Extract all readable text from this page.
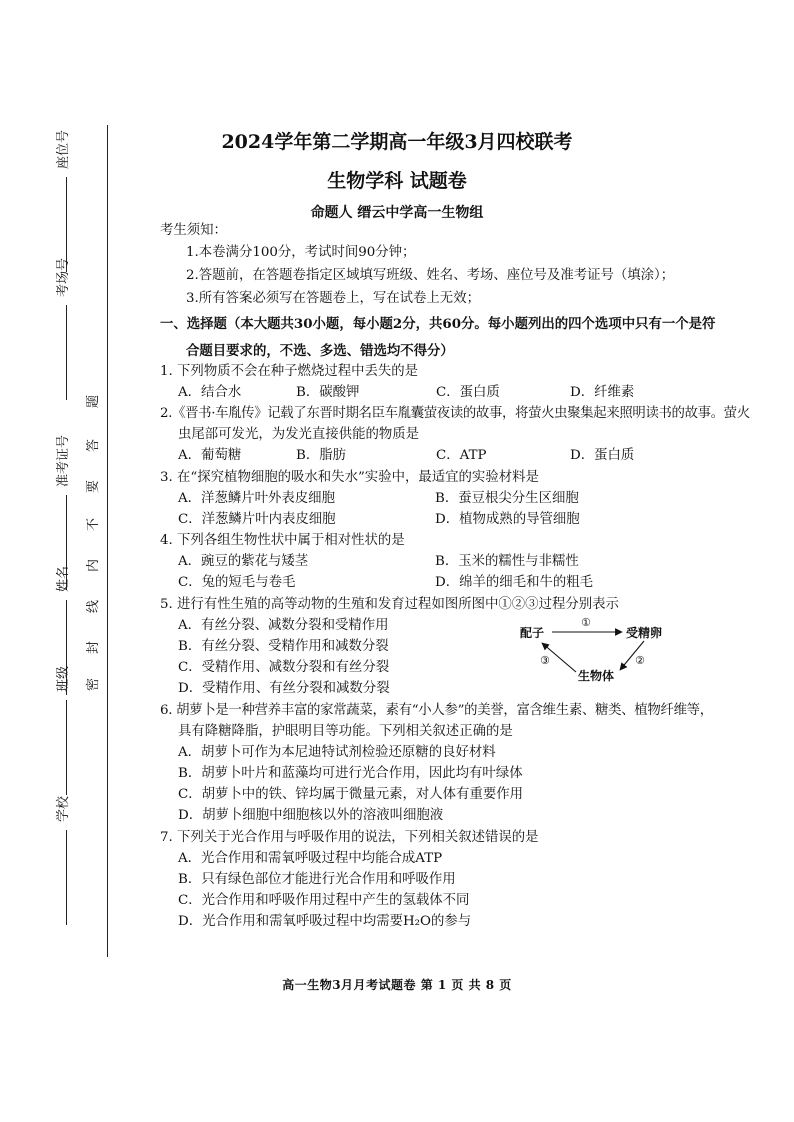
座位号
考场号
准考证号
姓名
班级
学校
题
答
要
不
内
线
封
密
2024学年第二学期高一年级3月四校联考
生物学科 试题卷
命题人 缙云中学高一生物组
考生须知：
1.本卷满分100分，考试时间90分钟；
2.答题前，在答题卷指定区域填写班级、姓名、考场、座位号及准考证号（填涂）；
3.所有答案必须写在答题卷上，写在试卷上无效；
一、选择题（本大题共30小题，每小题2分，共60分。每小题列出的四个选项中只有一个是符
合题目要求的，不选、多选、错选均不得分）
1. 下列物质不会在种子燃烧过程中丢失的是
A．结合水	B．碳酸钾	C．蛋白质	D．纤维素
2.《晋书·车胤传》记载了东晋时期名臣车胤囊萤夜读的故事，将萤火虫聚集起来照明读书的故事。萤火
虫尾部可发光，为发光直接供能的物质是
A．葡萄糖	B．脂肪	C．ATP	D．蛋白质
3. 在“探究植物细胞的吸水和失水”实验中，最适宜的实验材料是
A．洋葱鳞片叶外表皮细胞	B．蚕豆根尖分生区细胞
C．洋葱鳞片叶内表皮细胞	D．植物成熟的导管细胞
4. 下列各组生物性状中属于相对性状的是
A．豌豆的紫花与矮茎	B．玉米的糯性与非糯性
C．兔的短毛与卷毛	D．绵羊的细毛和牛的粗毛
5. 进行有性生殖的高等动物的生殖和发育过程如图所图中①②③过程分别表示
A．有丝分裂、减数分裂和受精作用
B．有丝分裂、受精作用和减数分裂
C．受精作用、减数分裂和有丝分裂
D．受精作用、有丝分裂和减数分裂
配子	受精卵
生物体
①
②
③
6. 胡萝卜是一种营养丰富的家常蔬菜，素有“小人参”的美誉，富含维生素、糖类、植物纤维等，
具有降糖降脂，护眼明目等功能。下列相关叙述正确的是
A．胡萝卜可作为本尼迪特试剂检验还原糖的良好材料
B．胡萝卜叶片和蓝藻均可进行光合作用，因此均有叶绿体
C．胡萝卜中的铁、锌均属于微量元素，对人体有重要作用
D．胡萝卜细胞中细胞核以外的溶液叫细胞液
7. 下列关于光合作用与呼吸作用的说法，下列相关叙述错误的是
A．光合作用和需氧呼吸过程中均能合成ATP
B．只有绿色部位才能进行光合作用和呼吸作用
C．光合作用和呼吸作用过程中产生的氢载体不同
D．光合作用和需氧呼吸过程中均需要H₂O的参与
高一生物3月月考试题卷 第 1 页 共 8 页
